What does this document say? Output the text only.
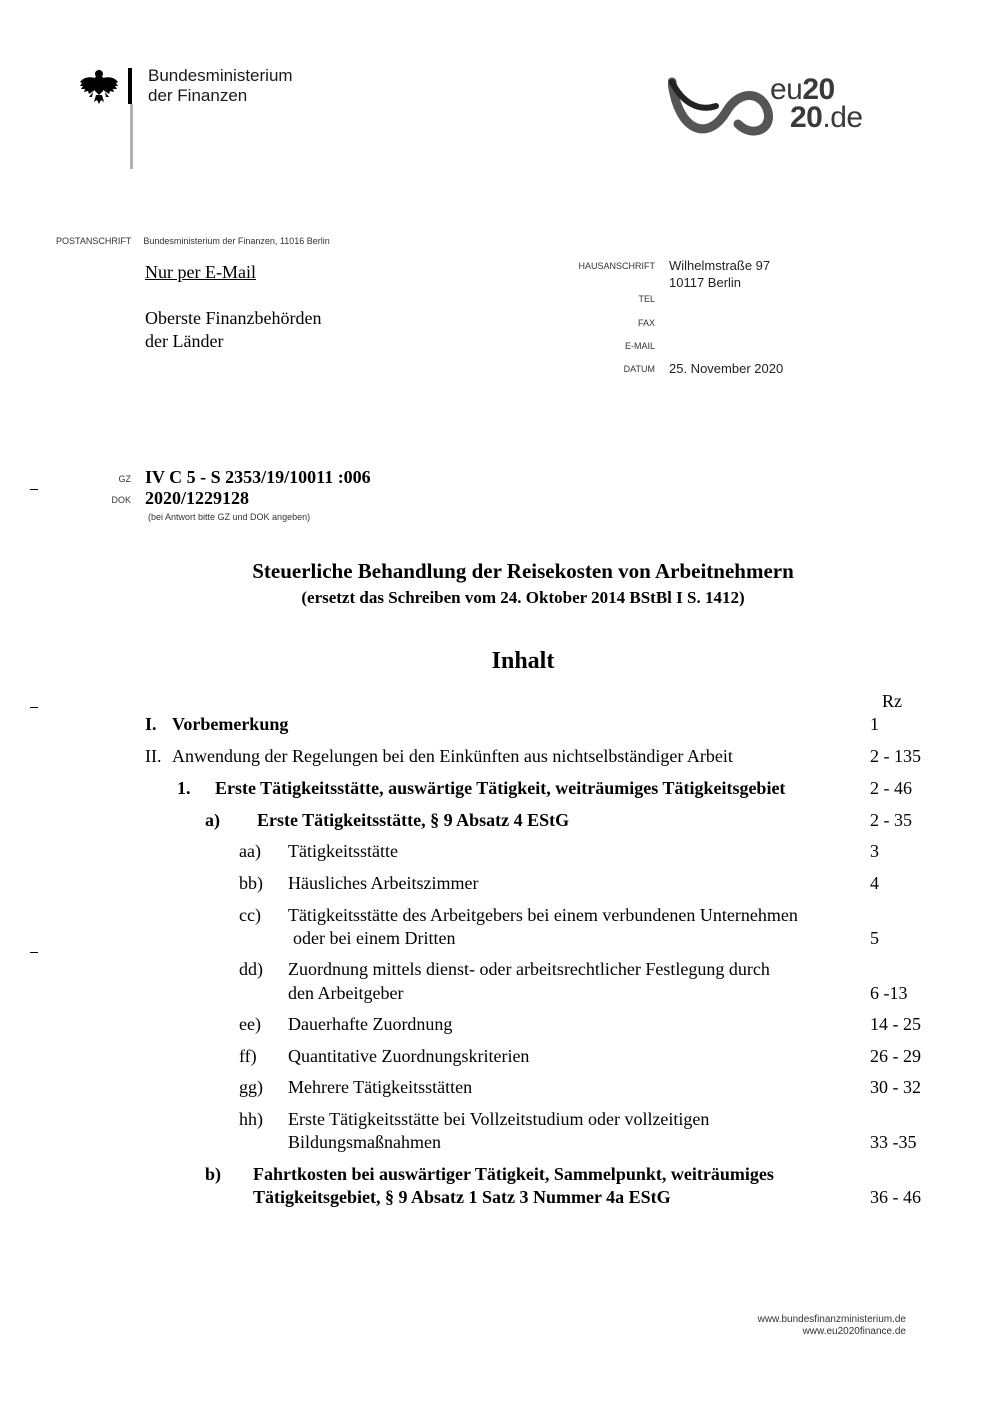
Bundesministerium
der Finanzen	eu20
20.de
POSTANSCHRIFT Bundesministerium der Finanzen, 11016 Berlin
Nur per E-Mail
Oberste Finanzbehörden
der Länder
HAUSANSCHRIFT Wilhelmstraße 97
10117 Berlin
TEL
FAX
E-MAIL
DATUM 25. November 2020
GZ IV C 5 - S 2353/19/10011 :006
DOK 2020/1229128
(bei Antwort bitte GZ und DOK angeben)
Steuerliche Behandlung der Reisekosten von Arbeitnehmern
(ersetzt das Schreiben vom 24. Oktober 2014 BStBl I S. 1412)
Inhalt
Rz
I. Vorbemerkung	1
II. Anwendung der Regelungen bei den Einkünften aus nichtselbständiger Arbeit	2 - 135
1. Erste Tätigkeitsstätte, auswärtige Tätigkeit, weiträumiges Tätigkeitsgebiet	2 - 46
a) Erste Tätigkeitsstätte, § 9 Absatz 4 EStG	2 - 35
aa) Tätigkeitsstätte	3
bb) Häusliches Arbeitszimmer	4
cc) Tätigkeitsstätte des Arbeitgebers bei einem verbundenen Unternehmen
oder bei einem Dritten	5
dd) Zuordnung mittels dienst- oder arbeitsrechtlicher Festlegung durch
den Arbeitgeber	6 -13
ee) Dauerhafte Zuordnung	14 - 25
ff) Quantitative Zuordnungskriterien	26 - 29
gg) Mehrere Tätigkeitsstätten	30 - 32
hh) Erste Tätigkeitsstätte bei Vollzeitstudium oder vollzeitigen
Bildungsmaßnahmen	33 -35
b) Fahrtkosten bei auswärtiger Tätigkeit, Sammelpunkt, weiträumiges
Tätigkeitsgebiet, § 9 Absatz 1 Satz 3 Nummer 4a EStG	36 - 46
www.bundesfinanzministerium.de
www.eu2020finance.de
